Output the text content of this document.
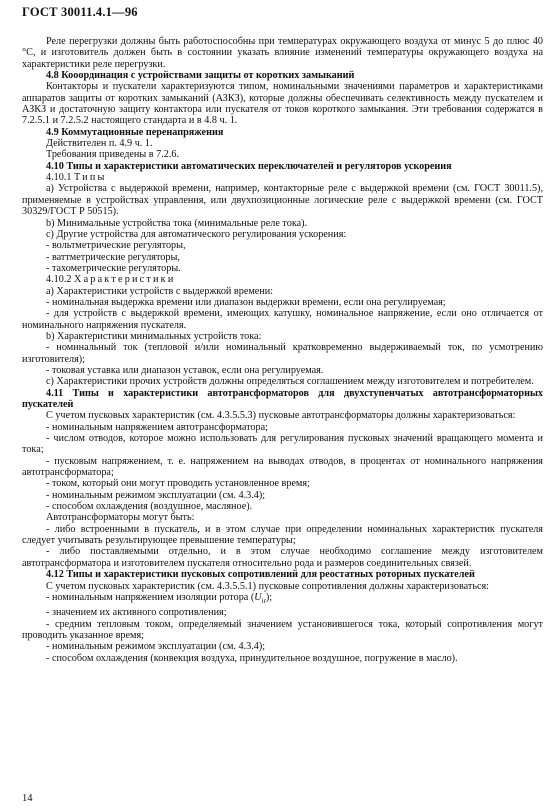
ГОСТ 30011.4.1—96

Реле перегрузки должны быть работоспособны при температурах окружающего воздуха от минус 5 до плюс 40 °С, и изготовитель должен быть в состоянии указать влияние изменений температуры окружающего воздуха на характеристики реле перегрузки.

4.8 Кооординация с устройствами защиты от коротких замыканий

Контакторы и пускатели характеризуются типом, номинальными значениями параметров и характеристиками аппаратов защиты от коротких замыканий (АЗКЗ), которые должны обеспечивать селективность между пускателем и АЗКЗ и достаточную защиту контактора или пускателя от токов короткого замыкания. Эти требования содержатся в 7.2.5.1 и 7.2.5.2 настоящего стандарта и в 4.8 ч. 1.

4.9 Коммутационные перенапряжения

Действителен п. 4.9 ч. 1.

Требования приведены в 7.2.6.

4.10 Типы и характеристики автоматических переключателей и регуляторов ускорения

4.10.1 Типы

a) Устройства с выдержкой времени, например, контакторные реле с выдержкой времени (см. ГОСТ 30011.5), применяемые в устройствах управления, или двухпозиционные логические реле с выдержкой времени (см. ГОСТ 30329/ГОСТ Р 50515).

b) Минимальные устройства тока (минимальные реле тока).

c) Другие устройства для автоматического регулирования ускорения:

- вольтметрические регуляторы,

- ваттметрические регуляторы,

- тахометрические регуляторы.

4.10.2 Характеристики

a) Характеристики устройств с выдержкой времени:

- номинальная выдержка времени или диапазон выдержки времени, если она регулируемая;

- для устройств с выдержкой времени, имеющих катушку, номинальное напряжение, если оно отличается от номинального напряжения пускателя.

b) Характеристики минимальных устройств тока:

- номинальный ток (тепловой и/или номинальный кратковременно выдерживаемый ток, по усмотрению изготовителя);

- токовая уставка или диапазон уставок, если она регулируемая.

c) Характеристики прочих устройств должны определяться соглашением между изготовителем и потребителем.

4.11 Типы и характеристики автотрансформаторов для двухступенчатых автотрансформаторных пускателей

С учетом пусковых характеристик (см. 4.3.5.5.3) пусковые автотрансформаторы должны характеризоваться:

- номинальным напряжением автотрансформатора;

- числом отводов, которое можно использовать для регулирования пусковых значений вращающего момента и тока;

- пусковым напряжением, т. е. напряжением на выводах отводов, в процентах от номинального напряжения автотрансформатора;

- током, который они могут проводить установленное время;

- номинальным режимом эксплуатации (см. 4.3.4);

- способом охлаждения (воздушное, масляное).

Автотрансформаторы могут быть:

- либо встроенными в пускатель, и в этом случае при определении номинальных характеристик пускателя следует учитывать результирующее превышение температуры;

- либо поставляемыми отдельно, и в этом случае необходимо соглашение между изготовителем автотрансформатора и изготовителем пускателя относительно рода и размеров соединительных связей.

4.12 Типы и характеристики пусковых сопротивлений для реостатных роторных пускателей

С учетом пусковых характеристик (см. 4.3.5.5.1) пусковые сопротивления должны характеризоваться:

- номинальным напряжением изоляции ротора $(U_{ir})$;

- значением их активного сопротивления;

- средним тепловым током, определяемый значением установившегося тока, который сопротивления могут проводить указанное время;

- номинальным режимом эксплуатации (см. 4.3.4);

- способом охлаждения (конвекция воздуха, принудительное воздушное, погружение в масло).

14
